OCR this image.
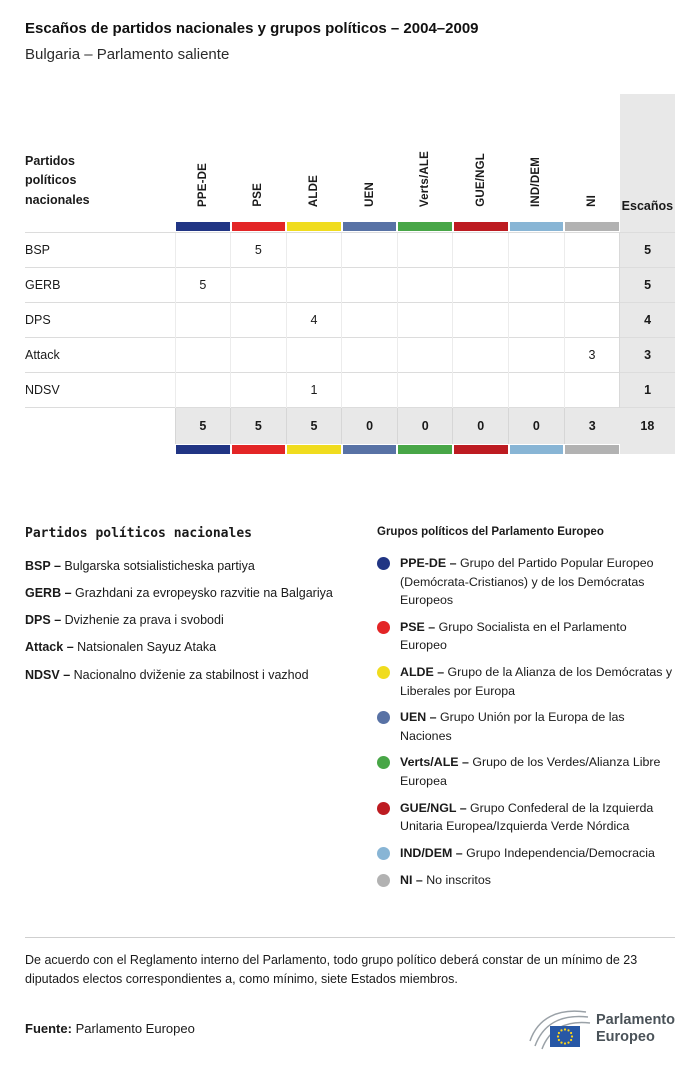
Escaños de partidos nacionales y grupos políticos – 2004–2009
Bulgaria – Parlamento saliente
Partidos políticos nacionales	PPE-DE	PSE	ALDE	UEN	Verts/ALE	GUE/NGL	IND/DEM	NI	Escaños

BSP		5							5
GERB	5								5
DPS			4						4
Attack								3	3
NDSV			1						1
	5	5	5	0	0	0	0	3	18

Partidos políticos nacionales

BSP – Bulgarska sotsialisticheska partiya

GERB – Grazhdani za evropeysko razvitie na Balgariya

DPS – Dvizhenie za prava i svobodi

Attack – Natsionalen Sayuz Ataka

NDSV – Nacionalno dviženie za stabilnost i vazhod

Grupos políticos del Parlamento Europeo
PPE-DE – Grupo del Partido Popular Europeo (Demócrata-Cristianos) y de los Demócratas Europeos
PSE – Grupo Socialista en el Parlamento Europeo
ALDE – Grupo de la Alianza de los Demócratas y Liberales por Europa
UEN – Grupo Unión por la Europa de las Naciones
Verts/ALE – Grupo de los Verdes/Alianza Libre Europea
GUE/NGL – Grupo Confederal de la Izquierda Unitaria Europea/Izquierda Verde Nórdica
IND/DEM – Grupo Independencia/Democracia
NI – No inscritos

De acuerdo con el Reglamento interno del Parlamento, todo grupo político deberá constar de un mínimo de 23 diputados electos correspondientes a, como mínimo, siete Estados miembros.

Fuente: Parlamento Europeo

Parlamento
Europeo
